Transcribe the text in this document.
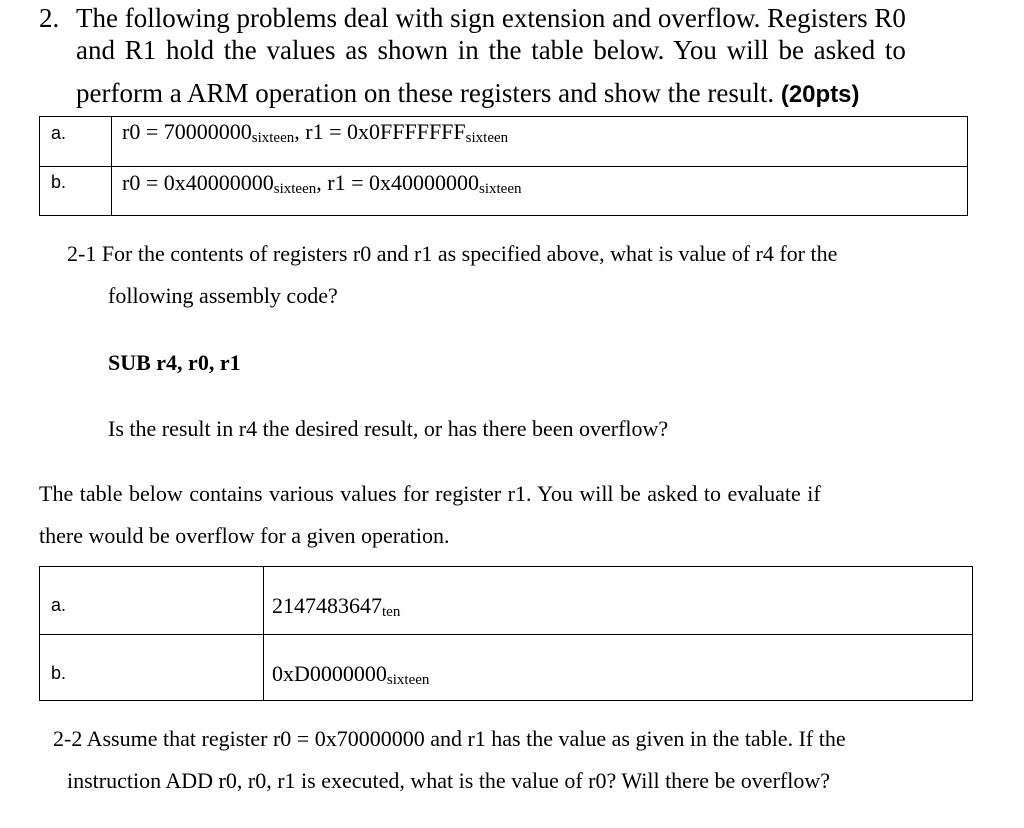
2. The following problems deal with sign extension and overflow. Registers R0
and R1 hold the values as shown in the table below. You will be asked to
perform a ARM operation on these registers and show the result. (20pts)
a.	$r0 = 70000000_{sixteen}$, $r1 = 0x0FFFFFFF_{sixteen}$
b.	$r0 = 0x40000000_{sixteen}$, $r1 = 0x40000000_{sixteen}$
2-1 For the contents of registers r0 and r1 as specified above, what is value of r4 for the
following assembly code?
SUB r4, r0, r1
Is the result in r4 the desired result, or has there been overflow?
The table below contains various values for register r1. You will be asked to evaluate if
there would be overflow for a given operation.
a.	$2147483647_{ten}$
b.	$0xD0000000_{sixteen}$
2-2 Assume that register r0 = 0x70000000 and r1 has the value as given in the table. If the
instruction ADD r0, r0, r1 is executed, what is the value of r0? Will there be overflow?
